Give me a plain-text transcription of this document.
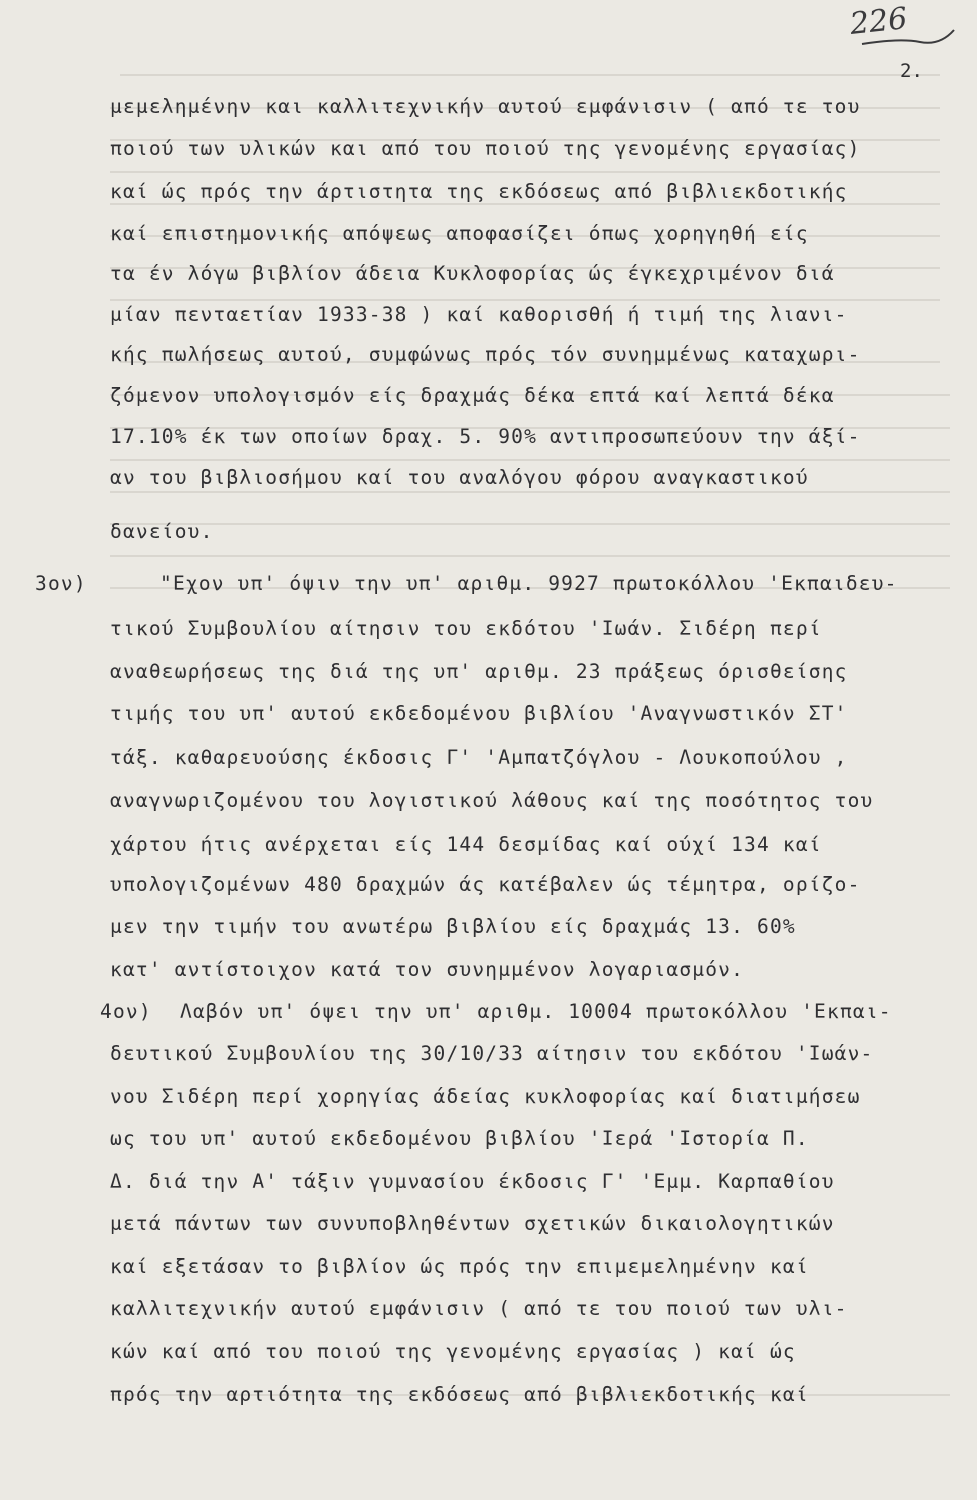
226
2.
μεμελημένην και καλλιτεχνικήν αυτού εμφάνισιν ( από τε του
ποιού των υλικών και από του ποιού της γενομένης εργασίας)
καί ώς πρός την άρτιστητα της εκδόσεως από βιβλιεκδοτικής
καί επιστημονικής απόψεως αποφασίζει όπως χορηγηθή είς
τα έν λόγω βιβλίον άδεια Κυκλοφορίας ώς έγκεχριμένον διά
μίαν πενταετίαν 1933-38 ) καί καθορισθή ή τιμή της λιανι-
κής πωλήσεως αυτού, συμφώνως πρός τόν συνημμένως καταχωρι-
ζόμενον υπολογισμόν είς δραχμάς δέκα επτά καί λεπτά δέκα
17.10% έκ των οποίων δραχ. 5. 90% αντιπροσωπεύουν την άξί-
αν του βιβλιοσήμου καί του αναλόγου φόρου αναγκαστικού
δανείου.
3ον)	"Εχον υπ' όψιν την υπ' αριθμ. 9927 πρωτοκόλλου 'Εκπαιδευ-
τικού Συμβουλίου αίτησιν του εκδότου 'Ιωάν. Σιδέρη περί
αναθεωρήσεως της διά της υπ' αριθμ. 23 πράξεως όρισθείσης
τιμής του υπ' αυτού εκδεδομένου βιβλίου 'Αναγνωστικόν ΣΤ'
τάξ. καθαρευούσης έκδοσις Γ' 'Αμπατζόγλου - Λουκοπούλου ,
αναγνωριζομένου του λογιστικού λάθους καί της ποσότητος του
χάρτου ήτις ανέρχεται είς 144 δεσμίδας καί ούχί 134 καί
υπολογιζομένων 480 δραχμών άς κατέβαλεν ώς τέμητρα, ορίζο-
μεν την τιμήν του ανωτέρω βιβλίου είς δραχμάς 13. 60%
κατ' αντίστοιχον κατά τον συνημμένον λογαριασμόν.
4ον) Λαβόν υπ' όψει την υπ' αριθμ. 10004 πρωτοκόλλου 'Εκπαι-
δευτικού Συμβουλίου της 30/10/33 αίτησιν του εκδότου 'Ιωάν-
νου Σιδέρη περί χορηγίας άδείας κυκλοφορίας καί διατιμήσεω
ως του υπ' αυτού εκδεδομένου βιβλίου 'Ιερά 'Ιστορία Π.
Δ. διά την Α' τάξιν γυμνασίου έκδοσις Γ' 'Εμμ. Καρπαθίου
μετά πάντων των συνυποβληθέντων σχετικών δικαιολογητικών
καί εξετάσαν το βιβλίον ώς πρός την επιμεμελημένην καί
καλλιτεχνικήν αυτού εμφάνισιν ( από τε του ποιού των υλι-
κών καί από του ποιού της γενομένης εργασίας ) καί ώς
πρός την αρτιότητα της εκδόσεως από βιβλιεκδοτικής καί
